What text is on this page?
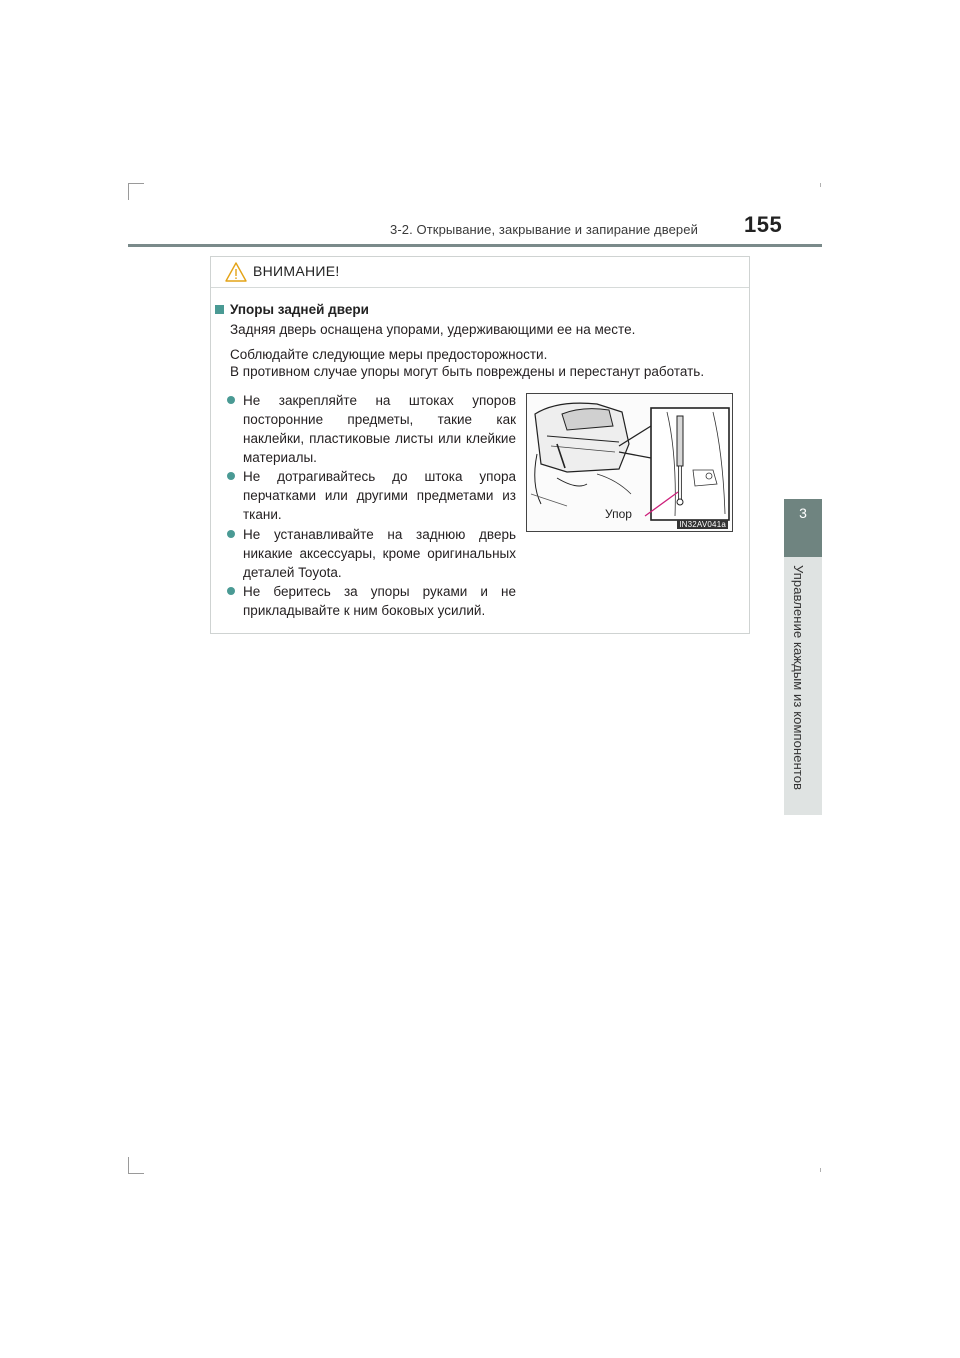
3-2. Открывание, закрывание и запирание дверей 155
3
Управление каждым из компонентов
ВНИМАНИЕ!
Упоры задней двери
Задняя дверь оснащена упорами, удерживающими ее на месте.
Соблюдайте следующие меры предосторожности.
В противном случае упоры могут быть повреждены и перестанут работать.
Не закрепляйте на штоках упоров посторонние предметы, такие как наклейки, пластиковые листы или клейкие материалы.
Не дотрагивайтесь до штока упора перчатками или другими предметами из ткани.
Не устанавливайте на заднюю дверь никакие аксессуары, кроме оригинальных деталей Toyota.
Не беритесь за упоры руками и не прикладывайте к ним боковых усилий.
Упор
IN32AV041a
